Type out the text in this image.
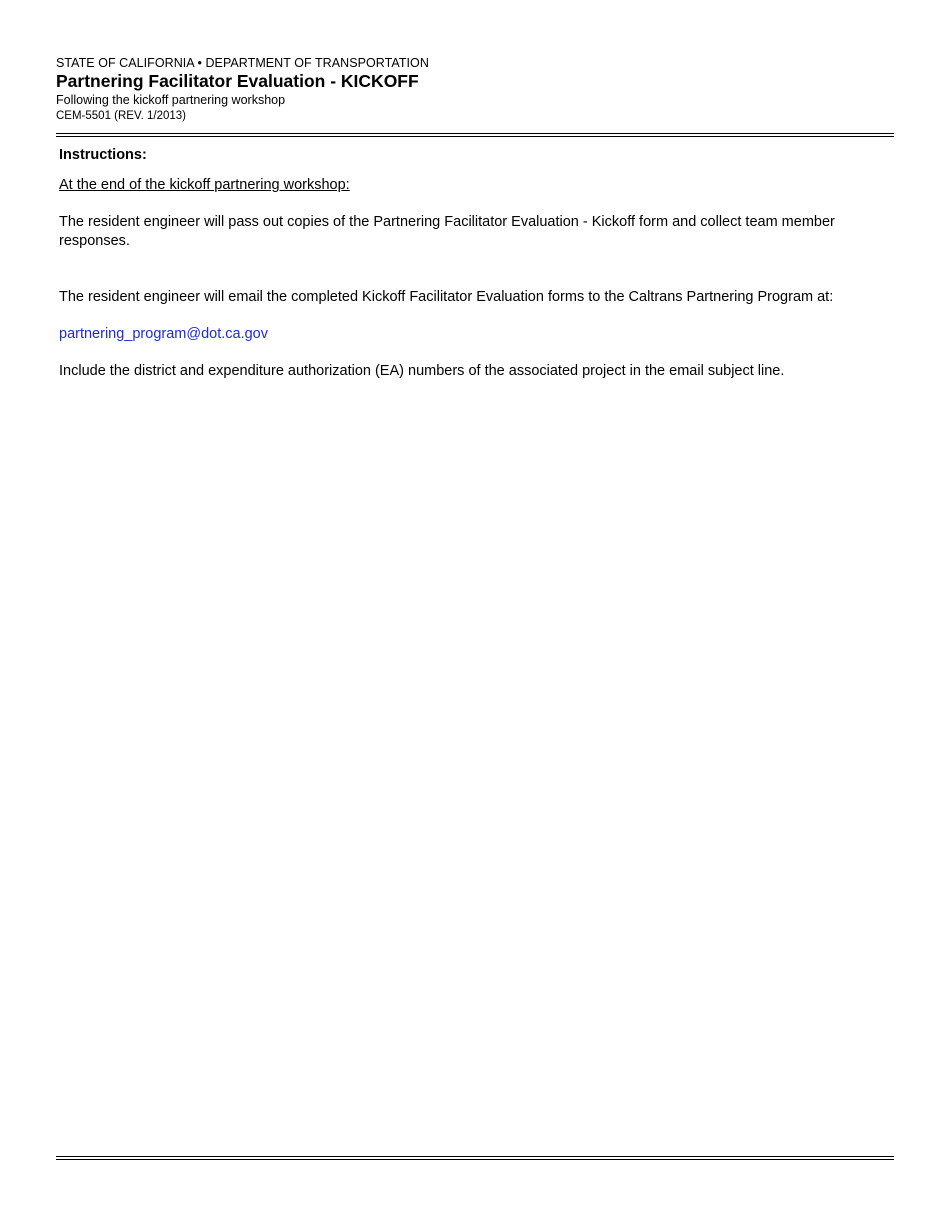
STATE OF CALIFORNIA • DEPARTMENT OF TRANSPORTATION
Partnering Facilitator Evaluation - KICKOFF
Following the kickoff partnering workshop
CEM-5501 (REV. 1/2013)

Instructions:

At the end of the kickoff partnering workshop:

The resident engineer will pass out copies of the Partnering Facilitator Evaluation - Kickoff form and collect team member responses.

The resident engineer will email the completed Kickoff Facilitator Evaluation forms to the Caltrans Partnering Program at:

partnering_program@dot.ca.gov

Include the district and expenditure authorization (EA) numbers of the associated project in the email subject line.
